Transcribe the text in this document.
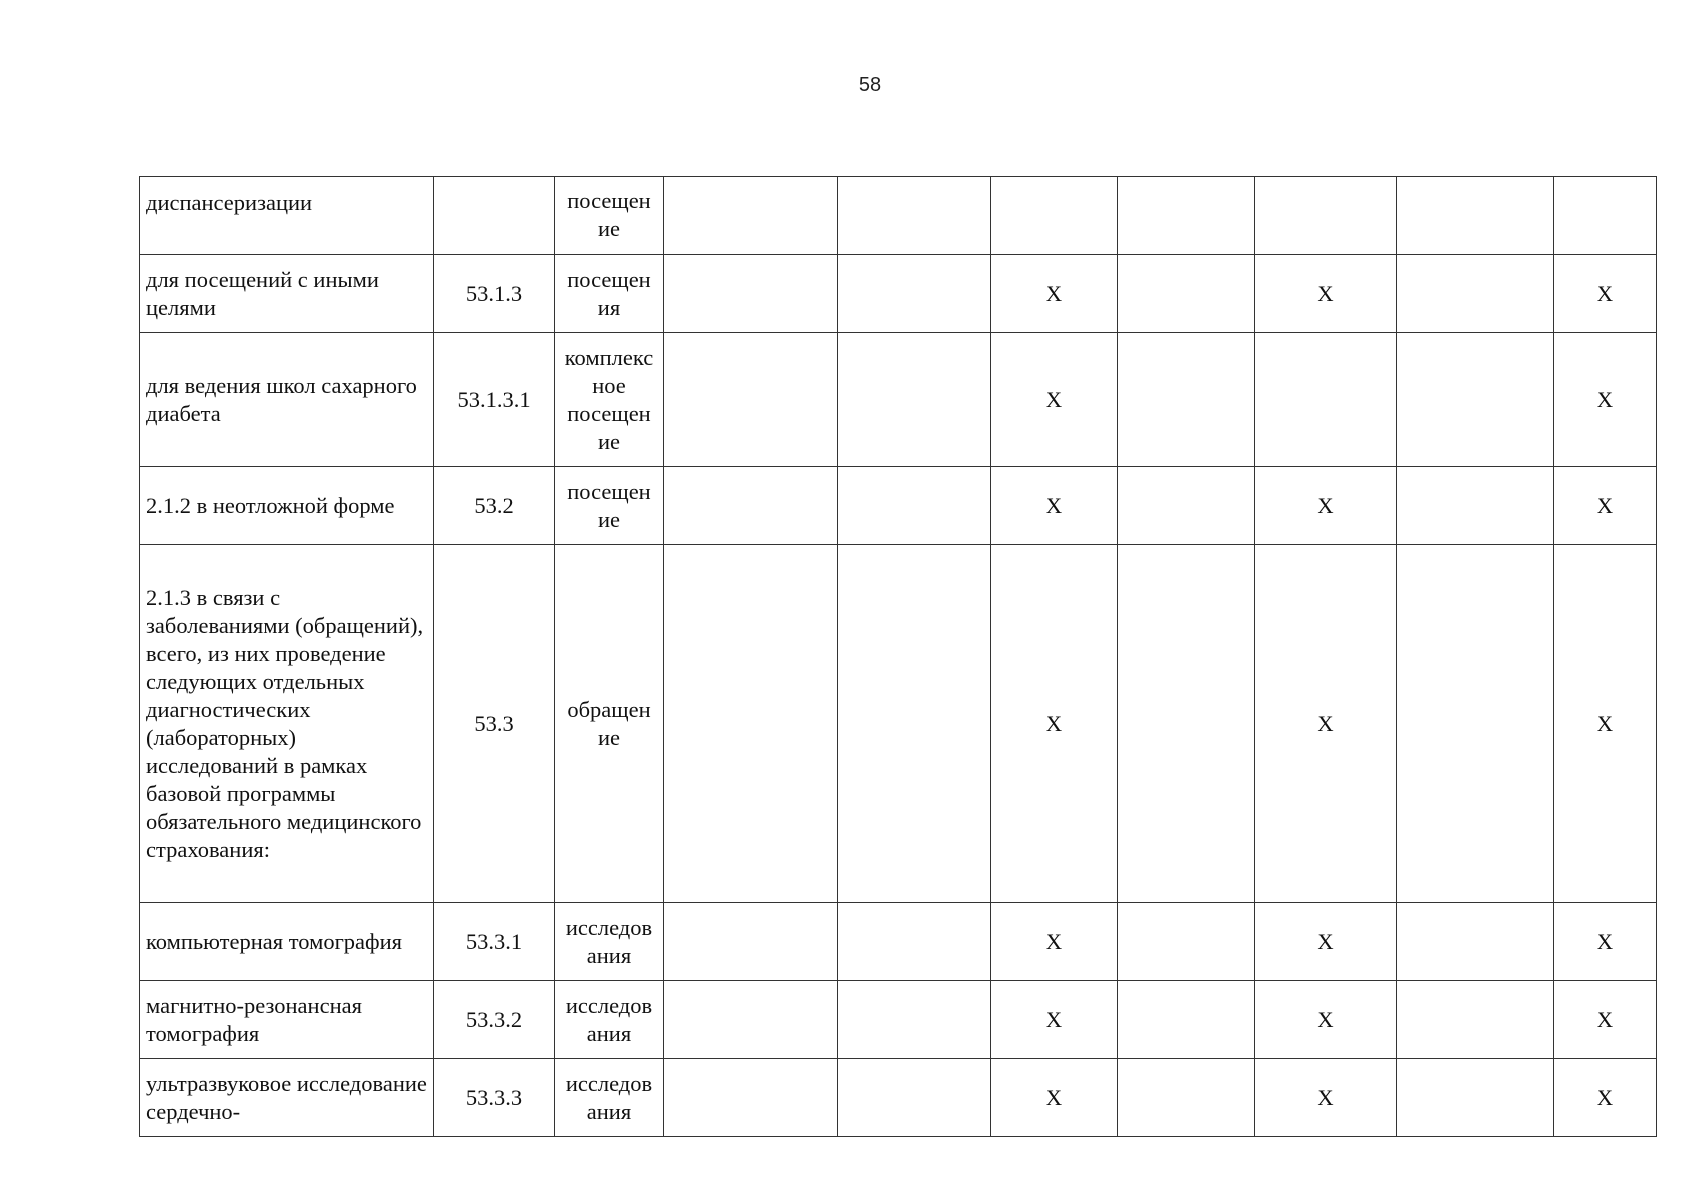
58
диспансеризации		посещен
ие							
для посещений с иными целями	53.1.3	посещен
ия			X		X		X
для ведения школ сахарного диабета	53.1.3.1	комплекс
ное
посещен
ие			X				X
2.1.2 в неотложной форме	53.2	посещен
ие			X		X		X
2.1.3 в связи с заболеваниями (обращений), всего, из них проведение следующих отдельных диагностических (лабораторных) исследований в рамках базовой программы обязательного медицинского страхования:	53.3	обращен
ие			X		X		X
компьютерная томография	53.3.1	исследов
ания			X		X		X
магнитно-резонансная томография	53.3.2	исследов
ания			X		X		X
ультразвуковое исследование сердечно-	53.3.3	исследов
ания			X		X		X
